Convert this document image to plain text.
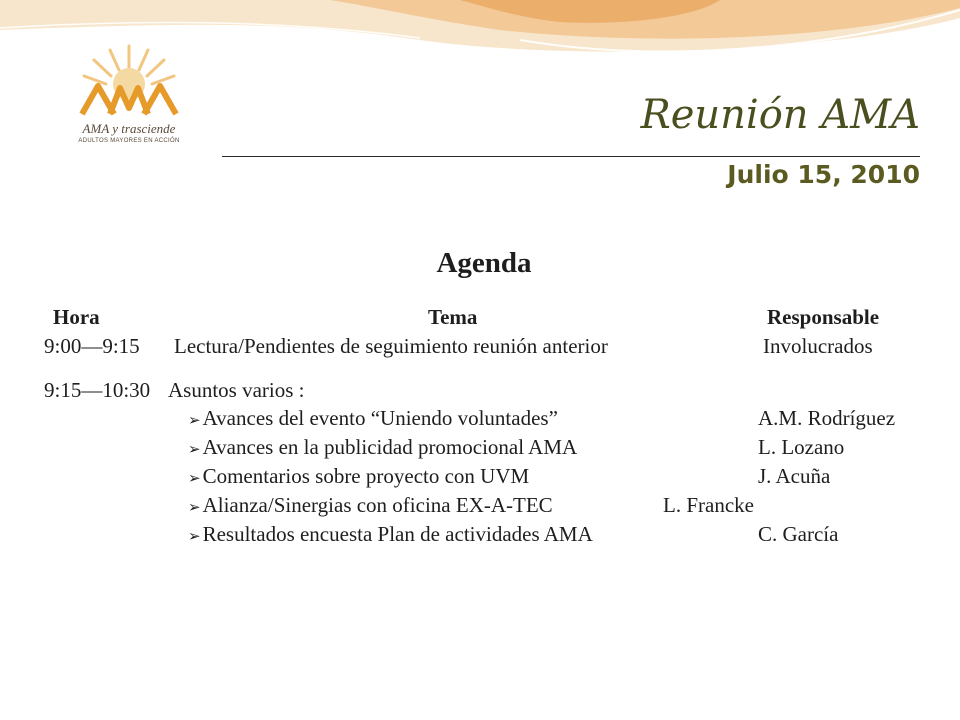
AMA y trasciende
ADULTOS MAYORES EN ACCIÓN
Reunión AMA
Julio 15, 2010
Agenda
Hora	Tema	Responsable
9:00—9:15 Lectura/Pendientes de seguimiento reunión anterior	Involucrados
9:15—10:30 Asuntos varios :
➢Avances del evento “Uniendo voluntades”	A.M. Rodríguez
➢Avances en la publicidad promocional AMA	L. Lozano
➢Comentarios sobre proyecto con UVM	J. Acuña
➢Alianza/Sinergias con oficina EX-A-TEC	L. Francke
➢Resultados encuesta Plan de actividades AMA	C. García
